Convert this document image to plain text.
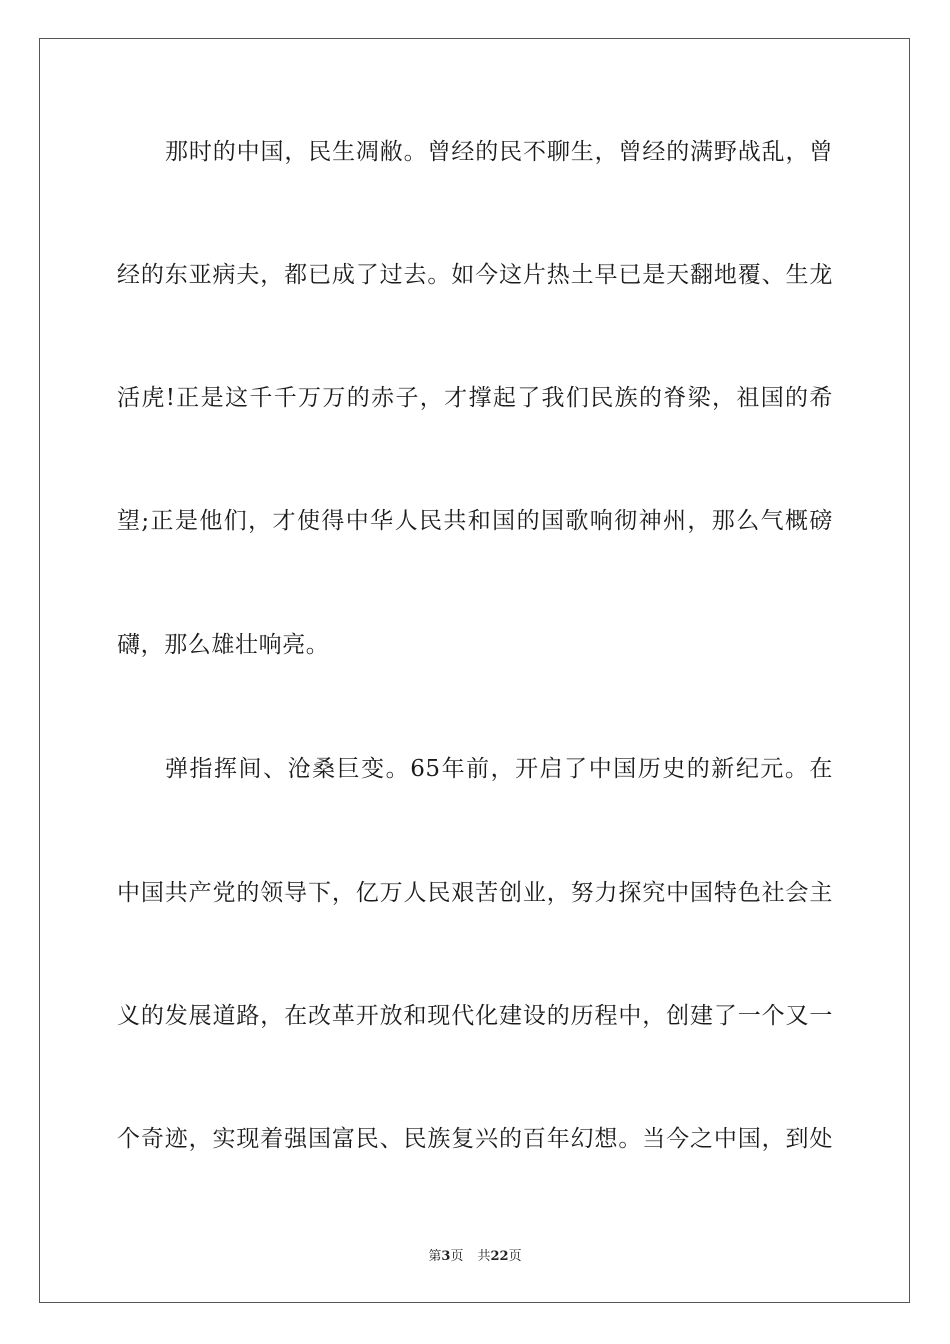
那时的中国，民生凋敝。曾经的民不聊生，曾经的满野战乱，曾
经的东亚病夫，都已成了过去。如今这片热土早已是天翻地覆、生龙
活虎!正是这千千万万的赤子，才撑起了我们民族的脊梁，祖国的希
望;正是他们，才使得中华人民共和国的国歌响彻神州，那么气概磅
礴，那么雄壮响亮。
弹指挥间、沧桑巨变。65年前，开启了中国历史的新纪元。在
中国共产党的领导下，亿万人民艰苦创业，努力探究中国特色社会主
义的发展道路，在改革开放和现代化建设的历程中，创建了一个又一
个奇迹，实现着强国富民、民族复兴的百年幻想。当今之中国，到处
第3页 共22页
